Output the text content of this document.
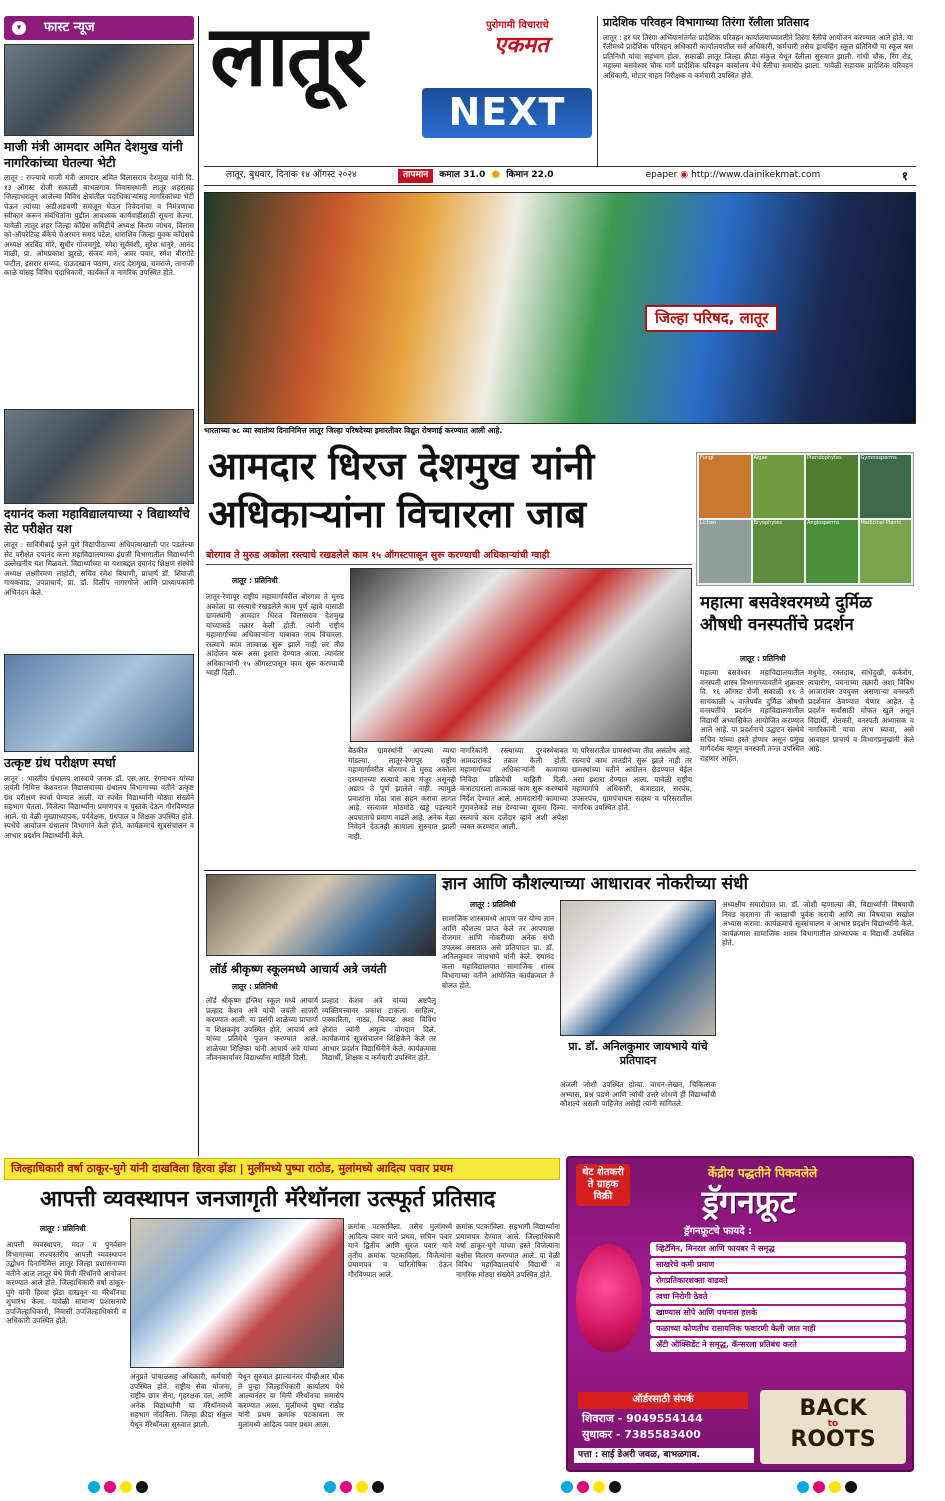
▾	फास्ट न्यूज
माजी मंत्री आमदार अमित देशमुख यांनी नागरिकांच्या घेतल्या भेटी
लातूर : राज्याचे माजी मंत्री आमदार अमित विलासराव देशमुख यांनी दि. १३ ऑगस्ट रोजी सकाळी बाभळगाव निवासस्थानी लातूर शहरासह जिल्हाभरातून आलेल्या विविध क्षेत्रांतील पदाधिकाऱ्यांसह नागरिकांच्या भेटी घेऊन त्यांच्या अडीअडचणी समजून घेऊन निवेदनांचा व निमंत्रणाचा स्वीकार करून संबंधितांना पुढील आवश्यक कार्यवाहीसाठी सूचना केल्या. यावेळी लातूर शहर जिल्हा काँग्रेस कमिटीचे अध्यक्ष किरण जाधव, विलास को-ऑपरेटिव्ह बँकेचे चेअरमन समद पटेल, धाराशिव जिल्हा युवक कॉंग्रेसचे अध्यक्ष अरविंद मोरे, सुधीर गोजमगुंडे, रमेश सूर्यवंशी, सुरेश धानुरे, आनंद माळी, प्रा. ओमप्रकाश झुरळे, संजय माने, अमर पवार, रमेश बीरगोटे पाटील, इसरार सय्यद, दाऊदखान पठाण, शरद देशमुख, रामराजे, तानाजी काळे यांसह विविध पदाधिकारी, कार्यकर्ते व नागरिक उपस्थित होते.
दयानंद कला महाविद्यालयाच्या २ विद्यार्थ्यांचे सेट परीक्षेत यश
लातूर : सावित्रीबाई फुले पुणे विद्यापीठाच्या अधिपत्याखाली पार पडलेल्या सेट परीक्षेत दयानंद कला महाविद्यालयाच्या इंग्रजी विभागातील विद्यार्थ्यांनी उल्लेखनीय यश मिळवले. विद्यार्थ्यांच्या या यशाबद्दल दयानंद शिक्षण संस्थेचे अध्यक्ष लक्ष्मीरमण लाहोटी, सचिव रमेश बियाणी, प्राचार्य डॉ. शिवाजी गायकवाड, उपप्राचार्य, प्रा. डॉ. दिलीप नागरगोजे आणि प्राध्यापकांनी अभिनंदन केले.
उत्कृष्ट ग्रंथ परीक्षण स्पर्धा
लातूर : भारतीय ग्रंथालय शास्त्राचे जनक डॉ. एस.आर. रंगनाथन यांच्या जयंती निमित्त केशवराज विद्यालयाच्या ग्रंथालय विभागाच्या वतीने उत्कृष्ट ग्रंथ परीक्षण स्पर्धा घेण्यात आली. या स्पर्धेत विद्यार्थ्यांनी मोठ्या संख्येने सहभाग घेतला. विजेत्या विद्यार्थ्यांना प्रमाणपत्र व पुस्तके देऊन गौरविण्यात आले. या वेळी मुख्याध्यापक, पर्यवेक्षक, ग्रंथपाल व शिक्षक उपस्थित होते. स्पर्धेचे आयोजन ग्रंथालय विभागाने केले होते. कार्यक्रमाचे सूत्रसंचालन व आभार प्रदर्शन विद्यार्थ्यांनी केले.
लातूर	पुरोगामी विचाराचे
एकमत
NEXT
प्रादेशिक परिवहन विभागाच्या तिरंगा रॅलीला प्रतिसाद
लातूर : हर घर तिरंगा अभियानांतर्गत प्रादेशिक परिवहन कार्यालयाच्यावतीने तिरंगा रॅलीचे आयोजन करण्यात आले होते. या रॅलीमध्ये प्रादेशिक परिवहन अधिकारी कार्यालयातील सर्व अधिकारी, कर्मचारी तसेच ड्रायव्हिंग स्कूल प्रतिनिधी या स्कूल बस प्रतिनिधी यांचा सहभाग होता. सकाळी लातूर जिल्हा क्रीडा संकुल येथून रॅलीला सुरुवात झाली. गांधी चौक, रिंग रोड, महात्मा बसवेश्वर चौक मार्गे प्रादेशिक परिवहन कार्यालय येथे रॅलीचा समारोप झाला. यावेळी सहायक प्रादेशिक परिवहन अधिकारी, मोटार वाहन निरीक्षक व कर्मचारी उपस्थित होते.
लातूर, बुधवार, दिनांक १४ ऑगस्ट २०२४	तापमान	कमाल 31.0 ✹ किमान 22.0	epaper ◉ http://www.dainikekmat.com	१
जिल्हा परिषद, लातूर
भारताच्या ७८ व्या स्वातंत्र्य दिनानिमित्त लातूर जिल्हा परिषदेच्या इमारतीवर विद्युत रोषणाई करण्यात आली आहे.
आमदार धिरज देशमुख यांनी
अधिकाऱ्यांना विचारला जाब
बोरगाव ते मुरुड अकोला रस्त्याचे रखडलेले काम १५ ऑगस्टपासून सुरू करण्याची अधिकाऱ्यांची ग्वाही
लातूर : प्रतिनिधी
लातूर-रेणापूर राष्ट्रीय महामार्गावरील बोरगाव ते मुरुड अकोला या रस्त्याचे रखडलेले काम पूर्ण व्हावे यासाठी ग्रामस्थांनी आमदार धिरज विलासराव देशमुख यांच्याकडे तक्रार केली होती. त्यांनी राष्ट्रीय महामार्गाच्या अधिकाऱ्यांना याबाबत जाब विचारला. रस्त्याचे काम तात्काळ सुरू झाले नाही तर तीव्र आंदोलन करू असा इशारा देण्यात आला. त्यानंतर अधिकाऱ्यांनी १५ ऑगस्टपासून काम सुरू करण्याची ग्वाही दिली.
बैठकीत ग्रामस्थांनी आपल्या व्यथा मांडल्या. लातूर-रेणापूर राष्ट्रीय महामार्गावरील बोरगाव ते मुरुड अकोला दरम्यानच्या रस्त्याचे काम मंजूर असूनही अद्याप ते पूर्ण झालेले नाही. त्यामुळे प्रवाशांना मोठा त्रास सहन करावा लागत आहे. रस्त्यावर मोठमोठे खड्डे पडल्याने अपघाताचे प्रमाण वाढले आहे. अनेक वेळा निवेदने देऊनही कामाला सुरुवात झाली नाही.
नागरिकांनी रस्त्याच्या दुरवस्थेबाबत आमदारांकडे तक्रार केली होती. महामार्गाच्या अधिकाऱ्यांनी कामाच्या निविदा प्रक्रियेची माहिती दिली. कंत्राटदाराला तात्काळ काम सुरू करण्याचे निर्देश देण्यात आले. आमदारांनी कामाच्या गुणवत्तेकडे लक्ष देण्याच्या सूचना दिल्या. रस्त्याचे काम दर्जेदार व्हावे अशी अपेक्षा व्यक्त करण्यात आली.
या परिसरातील ग्रामस्थांच्या तीव्र असंतोष आहे. रस्त्याचे काम तातडीने सुरू झाले नाही तर ग्रामस्थांच्या वतीने आंदोलन छेडण्यात येईल असा इशारा देण्यात आला. यावेळी राष्ट्रीय महामार्गाचे अधिकारी, कंत्राटदार, सरपंच, उपसरपंच, ग्रामपंचायत सदस्य व परिसरातील नागरिक उपस्थित होते.
Fungi	Algae	Pteridophytes	Gymnosperms
Lichen	Bryophytes	Angiosperms	Medicinal Plants
महात्मा बसवेश्वरमध्ये दुर्मिळ औषधी वनस्पतींचे प्रदर्शन
लातूर : प्रतिनिधी
महात्मा बसवेश्वर महाविद्यालयातील वनस्पती शास्त्र विभागाच्यावतीने शुक्रवार दि. १६ ऑगस्ट रोजी सकाळी ११ ते सायंकाळी ५ वाजेपर्यंत दुर्मिळ औषधी वनस्पतींचे प्रदर्शन महाविद्यालयातील विद्यार्थी अभ्यासिकेत आयोजित करण्यात आले आहे. या प्रदर्शनाचे उद्घाटन संस्थेचे सचिव यांच्या हस्ते होणार असून प्रमुख मार्गदर्शक म्हणून वनस्पती तज्ज्ञ उपस्थित राहणार आहेत.
मधुमेह, रक्तदाब, सांधेदुखी, कर्करोग, त्वचारोग, पचनाच्या तक्रारी अशा विविध आजारांवर उपयुक्त असणाऱ्या वनस्पती प्रदर्शनात ठेवण्यात येणार आहेत. हे प्रदर्शन सर्वांसाठी मोफत खुले असून विद्यार्थी, शेतकरी, वनस्पती अभ्यासक व नागरिकांनी याचा लाभ घ्यावा, असे आवाहन प्राचार्य व विभागप्रमुखांनी केले आहे.
लॉर्ड श्रीकृष्ण स्कूलमध्ये आचार्य अत्रे जयंती
लातूर : प्रतिनिधी
लॉर्ड श्रीकृष्ण इंग्लिश स्कूल मध्ये आचार्य प्रल्हाद केशव अत्रे यांची जयंती साजरी करण्यात आली. या प्रसंगी शाळेच्या प्राचार्या व शिक्षकवृंद उपस्थित होते. आचार्य अत्रे यांच्या प्रतिमेचे पूजन करण्यात आले. शाळेच्या शिक्षिका यांनी आचार्य अत्रे यांच्या जीवनकार्यावर विद्यार्थ्यांना माहिती दिली.
प्रल्हाद केशव अत्रे यांच्या अष्टपैलू व्यक्तिमत्त्वावर प्रकाश टाकला. साहित्य, पत्रकारिता, नाट्य, चित्रपट अशा विविध क्षेत्रांत त्यांनी अमूल्य योगदान दिले. कार्यक्रमाचे सूत्रसंचालन शिक्षिकेने केले तर आभार प्रदर्शन विद्यार्थिनीने केले. कार्यक्रमास विद्यार्थी, शिक्षक व कर्मचारी उपस्थित होते.
ज्ञान आणि कौशल्याच्या आधारावर नोकरीच्या संधी
लातूर : प्रतिनिधी
सामाजिक शास्त्रामध्ये आपण जर योग्य ज्ञान आणि कौशल्य प्राप्त केले तर आपणास रोजगार आणि नोकरीच्या अनेक संधी उपलब्ध असतात असे प्रतिपादन प्रा. डॉ. अनिलकुमार जायभाये यांनी केले. दयानंद कला महाविद्यालयात सामाजिक शास्त्र विभागाच्या वतीने आयोजित कार्यक्रमात ते बोलत होते.
अध्यक्षीय समारोपात प्रा. डॉ. जोशी म्हणाल्या की, विद्यार्थ्यांनी विषयाची निवड करताना ती काळाची पूर्वक करावी आणि त्या विषयाचा सखोल अभ्यास करावा. कार्यक्रमाचे सूत्रसंचालन व आभार प्रदर्शन विद्यार्थ्यांनी केले. कार्यक्रमास सामाजिक शास्त्र विभागातील प्राध्यापक व विद्यार्थी उपस्थित होते.
प्रा. डॉ. अनिलकुमार जायभाये यांचे प्रतिपादन
अंजली जोशी उपस्थित होत्या. वाचन-लेखन, चिकित्सक अभ्यास, प्रश्न पडणे आणि त्यांची उत्तरे शोधणे ही विद्यार्थ्यांची कौशल्ये असली पाहिजेत असेही त्यांनी सांगितले.
जिल्हाधिकारी वर्षा ठाकूर-घुगे यांनी दाखविला हिरवा झेंडा | मुलींमध्ये पुष्पा राठोड, मुलांमध्ये आदित्य पवार प्रथम
आपत्ती व्यवस्थापन जनजागृती मॅरेथॉनला उत्स्फूर्त प्रतिसाद
लातूर : प्रतिनिधी
आपत्ती व्यवस्थापन, मदत व पुनर्वसन विभागाच्या राज्यस्तरीय आपत्ती व्यवस्थापन उद्बोधन दिनानिमित्त लातूर जिल्हा प्रशासनाच्या वतीने आज लातूर येथे मिनी मॅरेथॉनचे आयोजन करण्यात आले होते. जिल्हाधिकारी वर्षा ठाकूर-घुगे यांनी हिरवा झेंडा दाखवून या मॅरेथॉनचा शुभारंभ केला. यावेळी सामान्य प्रशासनाचे उपजिल्हाधिकारी, निवासी उपजिल्हाधिकारी व अधिकारी उपस्थित होते.
अनुप्रते पांचाळसह अधिकारी, कर्मचारी उपस्थित होते. राष्ट्रीय सेवा योजना, राष्ट्रीय छात्र सेना, गृहरक्षक दल, आणि अनेक विद्यार्थ्यांनी या मॅरेथॉनमध्ये सहभाग नोंदविला. जिल्हा क्रीडा संकुल येथून मॅरेथॉनला सुरुवात झाली.
येथून सुरुवात झाल्यानंतर पीव्हीआर चौक ते पुन्हा जिल्हाधिकारी कार्यालय येथे आल्यानंतर या मिनी मॅरेथॉनचा समारोप करण्यात आला. मुलींमध्ये पुष्पा राठोड यांनी प्रथम क्रमांक पटकावला तर मुलांमध्ये आदित्य पवार प्रथम आला.
क्रमांक पटकाविला. तसेच मुलांमध्ये आदित्य पवार याने प्रथम, सचिन पवार याने द्वितीय आणि सुरज पवार याने तृतीय क्रमांक पटकाविला. विजेत्यांना प्रमाणपत्र व पारितोषिक देऊन गौरविण्यात आले.
क्रमांक पटकाविला. सहभागी विद्यार्थ्यांना प्रमाणपत्र देण्यात आले. जिल्हाधिकारी वर्षा ठाकूर-घुगे यांच्या हस्ते विजेत्यांना बक्षीस वितरण करण्यात आले. या वेळी विविध महाविद्यालयांचे विद्यार्थी व नागरिक मोठ्या संख्येने उपस्थित होते.
थेट शेतकरी ते ग्राहक विक्री
केंद्रीय पद्धतीने पिकवलेले
ड्रॅगनफ्रूट
ड्रॅगनफ्रूटचे फायदे :
व्हिटॅमिन, मिनरल आणि फायबर ने समृद्ध
साखरेचे कमी प्रमाण
रोगप्रतिकारशक्ता वाढवते
त्वचा निरोगी ठेवते
खाण्यास सोपे आणि पचनास हलके
फळाच्या कोणतीच रासायनिक फवारणी केली जात नाही
अँटी ऑक्सिडेंट ने समृद्ध, कॅन्सरला प्रतिबंध करते
ऑर्डरसाठी संपर्क
शिवराज - 9049554144
सुधाकर - 7385583400
पत्ता : साई डेअरी जवळ, बाभळगाव.
BACK
to
ROOTS
